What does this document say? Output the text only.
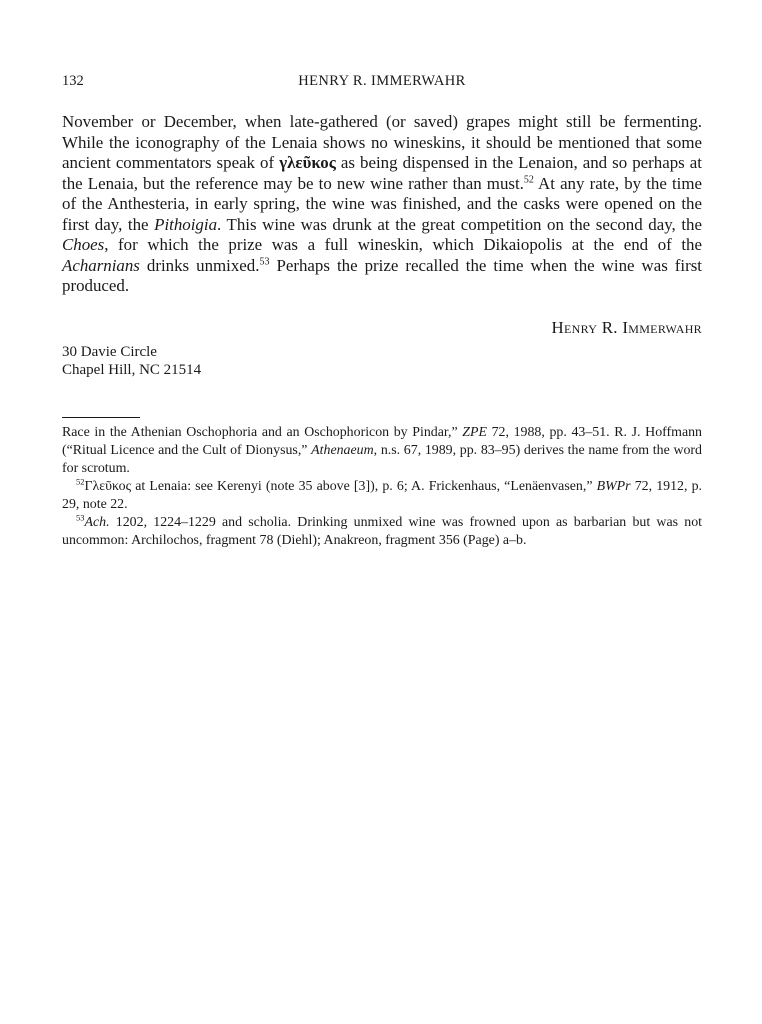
132	HENRY R. IMMERWAHR

November or December, when late-gathered (or saved) grapes might still be fermenting. While the iconography of the Lenaia shows no wineskins, it should be mentioned that some ancient commentators speak of γλεῦκος as being dispensed in the Lenaion, and so perhaps at the Lenaia, but the reference may be to new wine rather than must.$^{52}$ At any rate, by the time of the Anthesteria, in early spring, the wine was finished, and the casks were opened on the first day, the Pithoigia. This wine was drunk at the great competition on the second day, the Choes, for which the prize was a full wineskin, which Dikaiopolis at the end of the Acharnians drinks unmixed.$^{53}$ Perhaps the prize recalled the time when the wine was first produced.

Henry R. Immerwahr
30 Davie Circle
Chapel Hill, NC 21514

Race in the Athenian Oschophoria and an Oschophoricon by Pindar,” ZPE 72, 1988, pp. 43–51. R. J. Hoffmann (“Ritual Licence and the Cult of Dionysus,” Athenaeum, n.s. 67, 1989, pp. 83–95) derives the name from the word for scrotum.

$^{52}$Γλεῦκος at Lenaia: see Kerenyi (note 35 above [3]), p. 6; A. Frickenhaus, “Lenäenvasen,” BWPr 72, 1912, p. 29, note 22.

$^{53}$Ach. 1202, 1224–1229 and scholia. Drinking unmixed wine was frowned upon as barbarian but was not uncommon: Archilochos, fragment 78 (Diehl); Anakreon, fragment 356 (Page) a–b.
